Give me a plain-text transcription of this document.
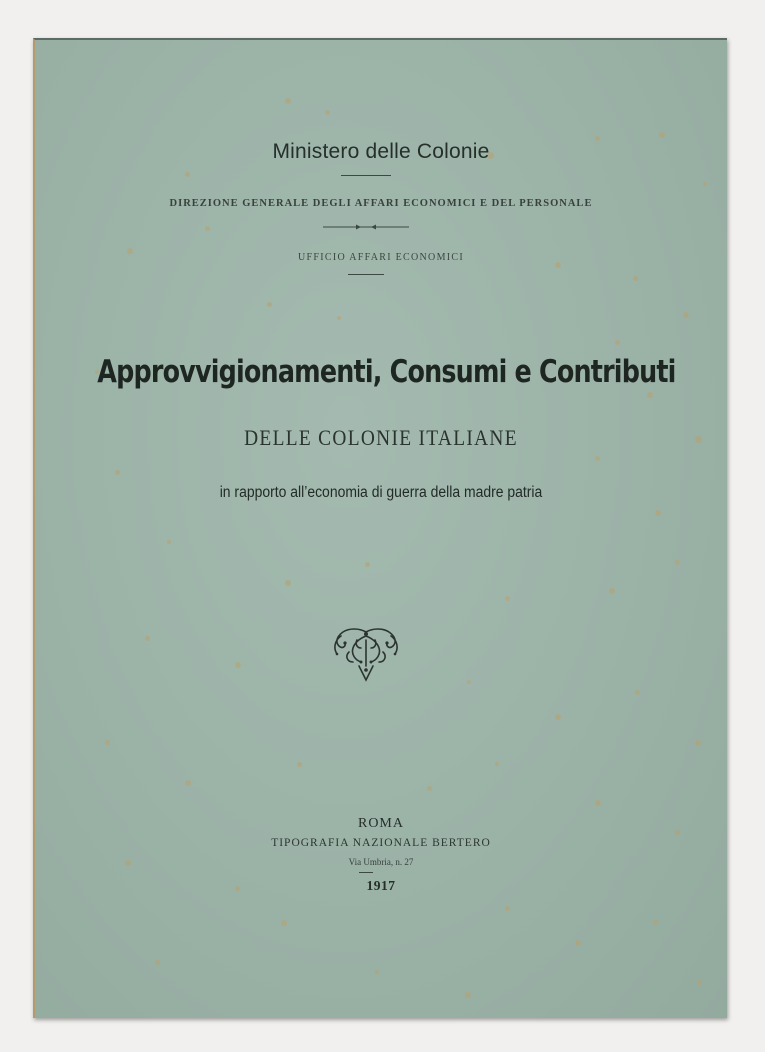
Ministero delle Colonie
DIREZIONE GENERALE DEGLI AFFARI ECONOMICI E DEL PERSONALE
UFFICIO AFFARI ECONOMICI
Approvvigionamenti, Consumi e Contributi
DELLE COLONIE ITALIANE
in rapporto all’economia di guerra della madre patria
ROMA
TIPOGRAFIA NAZIONALE BERTERO
Via Umbria, n. 27
1917
